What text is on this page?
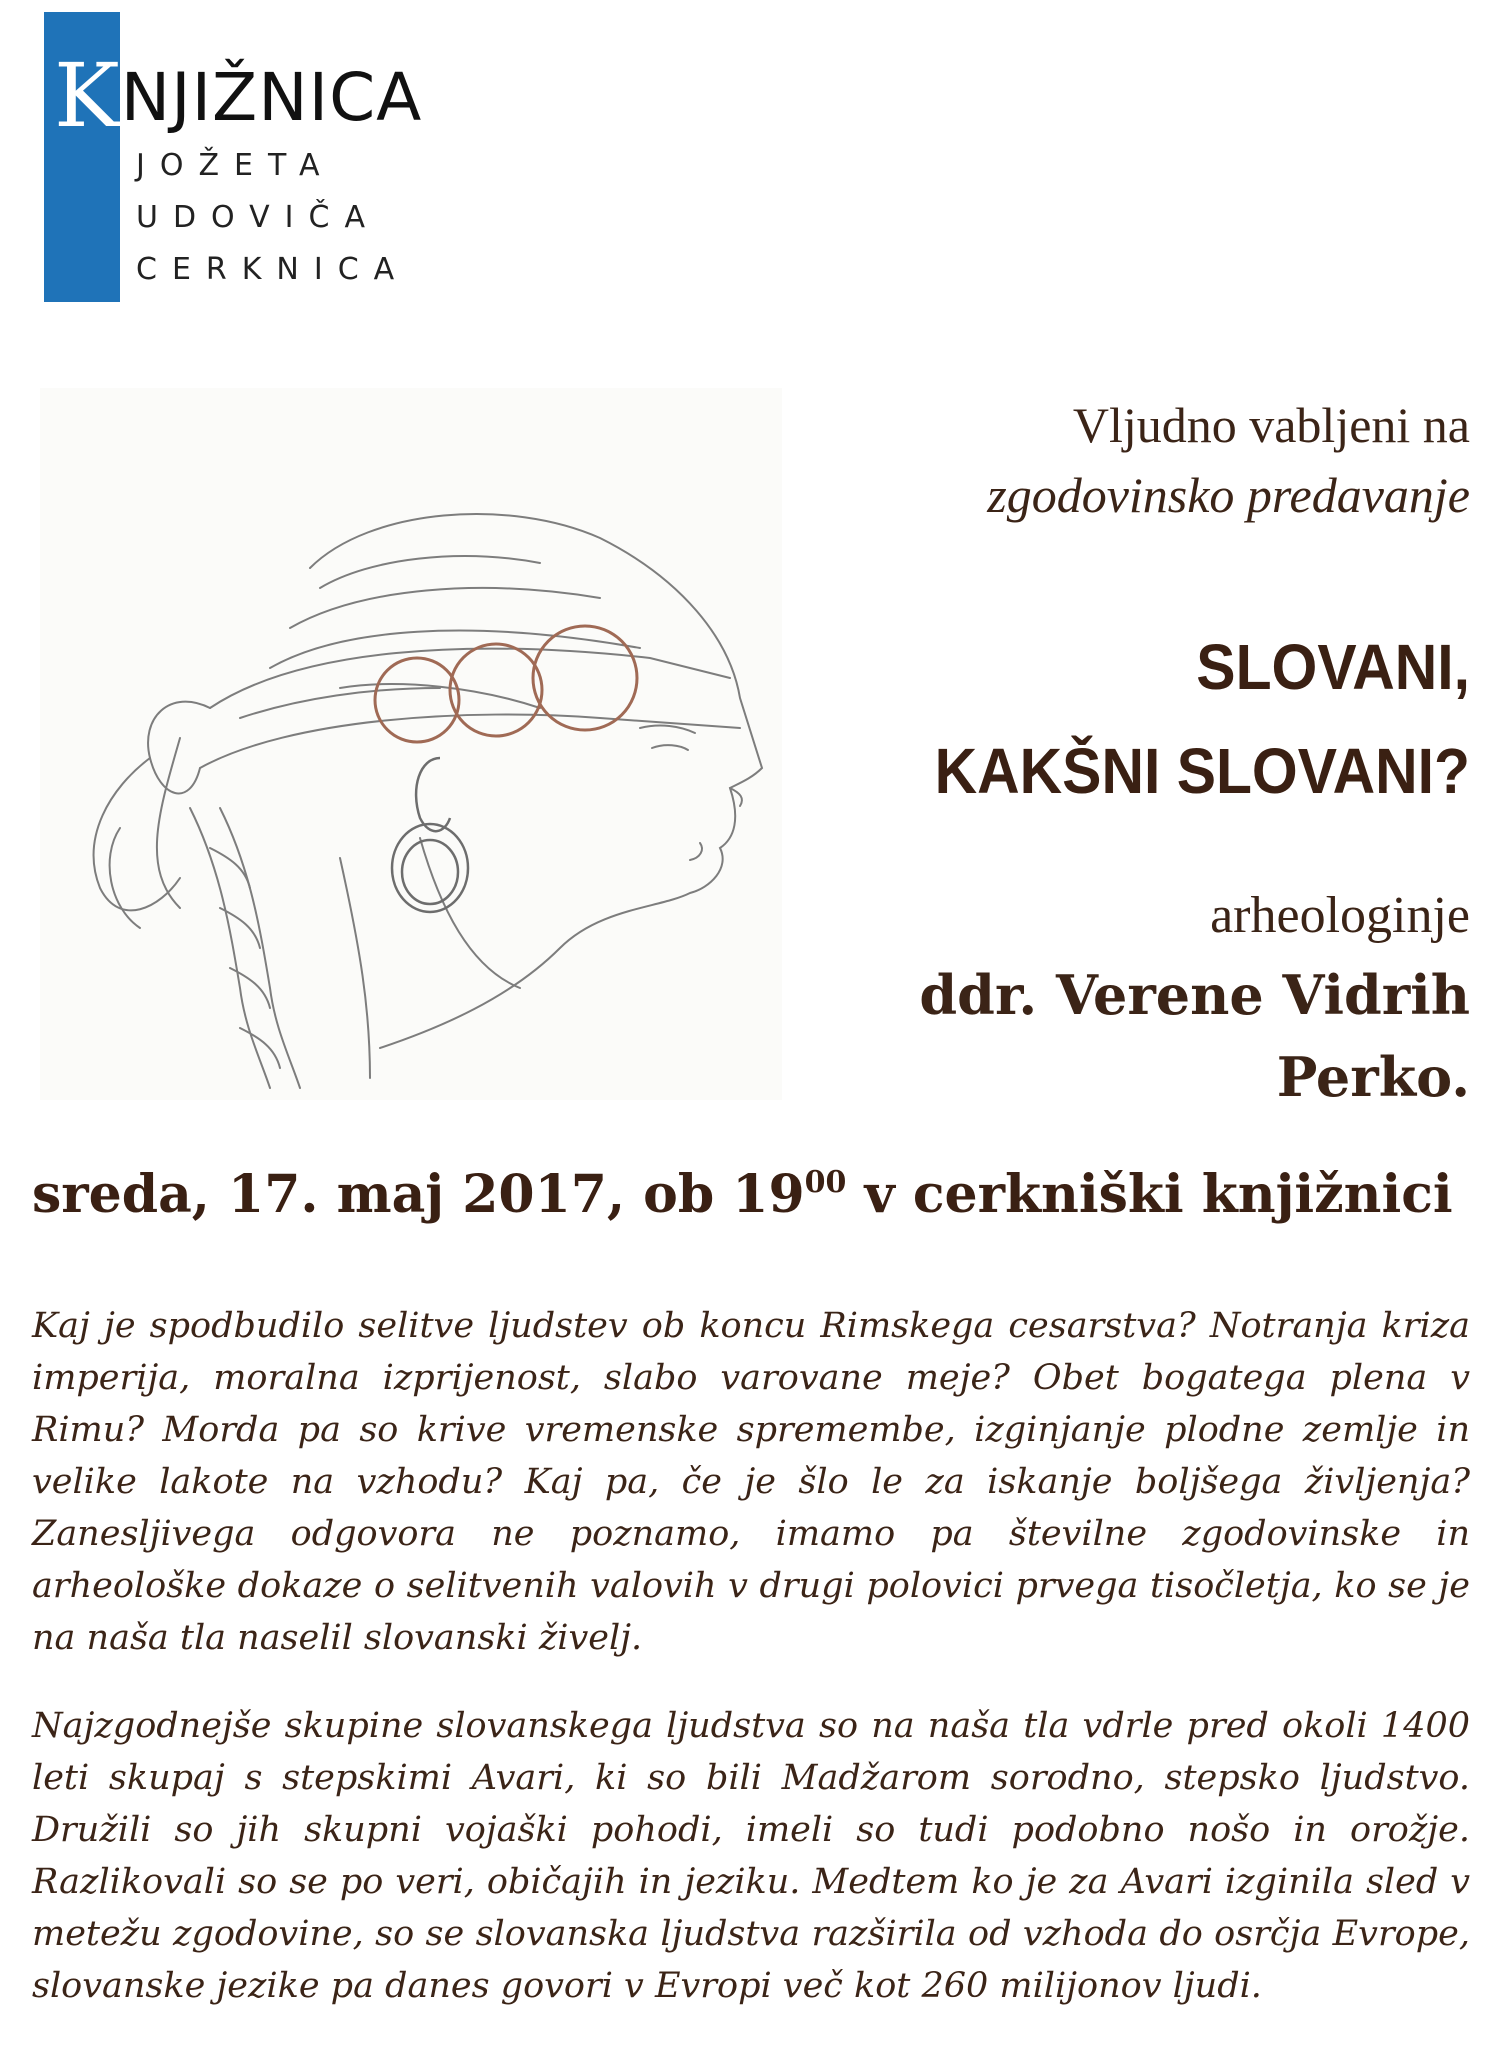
KNJIŽNICA
JOŽETA
UDOVIČA
CERKNICA
Vljudno vabljeni na
zgodovinsko predavanje
SLOVANI,
KAKŠNI SLOVANI?
arheologinje
ddr. Verene Vidrih
Perko.
sreda, 17. maj 2017, ob $19^{00}$ v cerkniški knjižnici
Kaj je spodbudilo selitve ljudstev ob koncu Rimskega cesarstva? Notranja kriza imperija, moralna izprijenost, slabo varovane meje? Obet bogatega plena v Rimu? Morda pa so krive vremenske spremembe, izginjanje plodne zemlje in velike lakote na vzhodu? Kaj pa, če je šlo le za iskanje boljšega življenja? Zanesljivega odgovora ne poznamo, imamo pa številne zgodovinske in arheološke dokaze o selitvenih valovih v drugi polovici prvega tisočletja, ko se je na naša tla naselil slovanski živelj.
Najzgodnejše skupine slovanskega ljudstva so na naša tla vdrle pred okoli 1400 leti skupaj s stepskimi Avari, ki so bili Madžarom sorodno, stepsko ljudstvo. Družili so jih skupni vojaški pohodi, imeli so tudi podobno nošo in orožje. Razlikovali so se po veri, običajih in jeziku. Medtem ko je za Avari izginila sled v metežu zgodovine, so se slovanska ljudstva razširila od vzhoda do osrčja Evrope, slovanske jezike pa danes govori v Evropi več kot 260 milijonov ljudi.
